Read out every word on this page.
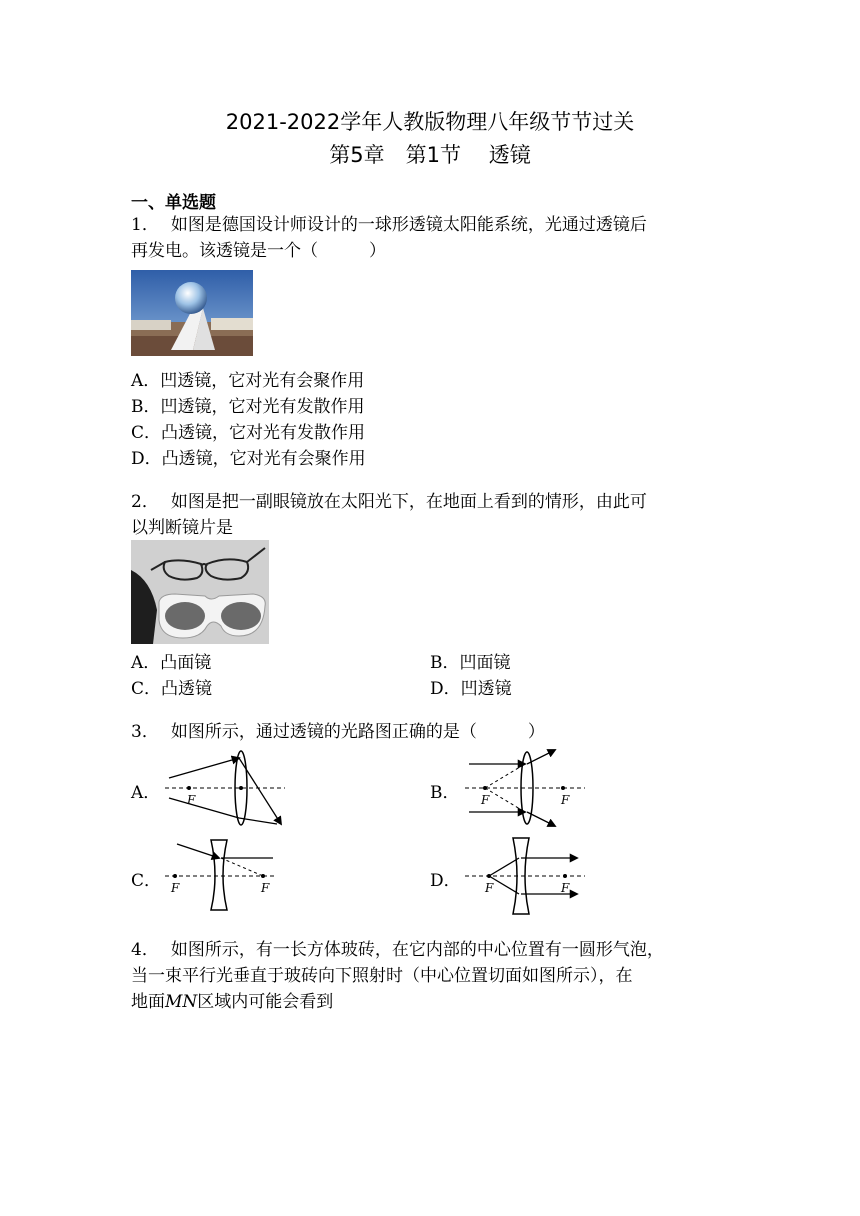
2021-2022学年人教版物理八年级节节过关
第5章　第1节　 透镜
一、单选题
1． 如图是德国设计师设计的一球形透镜太阳能系统，光通过透镜后
再发电。该透镜是一个（　　　）
A．凹透镜，它对光有会聚作用
B．凹透镜，它对光有发散作用
C．凸透镜，它对光有发散作用
D．凸透镜，它对光有会聚作用
2． 如图是把一副眼镜放在太阳光下，在地面上看到的情形，由此可
以判断镜片是
A．凸面镜	B．凹面镜
C．凸透镜	D．凹透镜
3． 如图所示，通过透镜的光路图正确的是（　　　）
A． F	B． F	F
C． F	F	D． F	F
4． 如图所示，有一长方体玻砖，在它内部的中心位置有一圆形气泡，
当一束平行光垂直于玻砖向下照射时（中心位置切面如图所示），在
地面MN区域内可能会看到
